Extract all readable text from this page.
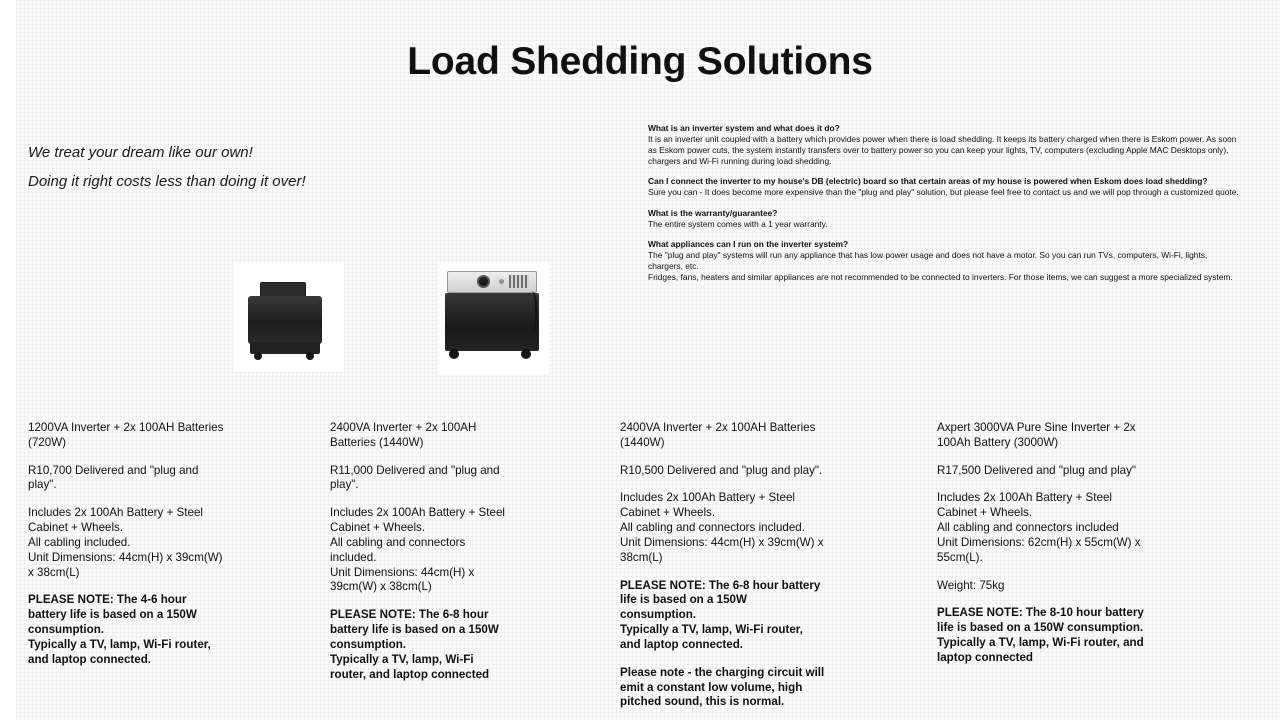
Load Shedding Solutions
We treat your dream like our own!
Doing it right costs less than doing it over!

What is an inverter system and what does it do?

It is an inverter unit coupled with a battery which provides power when there is load shedding. It keeps its battery charged when there is Eskom power. As soon as Eskom power cuts, the system instantly transfers over to battery power so you can keep your lights, TV, computers (excluding Apple MAC Desktops only), chargers and Wi-Fi running during load shedding.

Can I connect the inverter to my house's DB (electric) board so that certain areas of my house is powered when Eskom does load shedding?

Sure you can - It does become more expensive than the "plug and play" solution, but please feel free to contact us and we will pop through a customized quote.

What is the warranty/guarantee?

The entire system comes with a 1 year warranty.

What appliances can I run on the inverter system?

The "plug and play" systems will run any appliance that has low power usage and does not have a motor. So you can run TVs, computers, Wi-Fi, lights, chargers, etc.

Fridges, fans, heaters and similar appliances are not recommended to be connected to inverters. For those items, we can suggest a more specialized system.

1200VA Inverter + 2x 100AH Batteries (720W)

R10,700 Delivered and "plug and play".

Includes 2x 100Ah Battery + Steel Cabinet + Wheels.

All cabling included.

Unit Dimensions: 44cm(H) x 39cm(W) x 38cm(L)

PLEASE NOTE: The 4-6 hour battery life is based on a 150W consumption.

Typically a TV, lamp, Wi-Fi router, and laptop connected.

2400VA Inverter + 2x 100AH Batteries (1440W)

R11,000 Delivered and "plug and play".

Includes 2x 100Ah Battery + Steel Cabinet + Wheels.

All cabling and connectors included.

Unit Dimensions: 44cm(H) x 39cm(W) x 38cm(L)

PLEASE NOTE: The 6-8 hour battery life is based on a 150W consumption.

Typically a TV, lamp, Wi-Fi router, and laptop connected

2400VA Inverter + 2x 100AH Batteries (1440W)

R10,500 Delivered and "plug and play".

Includes 2x 100Ah Battery + Steel Cabinet + Wheels.

All cabling and connectors included.

Unit Dimensions: 44cm(H) x 39cm(W) x 38cm(L)

PLEASE NOTE: The 6-8 hour battery life is based on a 150W consumption.

Typically a TV, lamp, Wi-Fi router, and laptop connected.

Please note - the charging circuit will emit a constant low volume, high pitched sound, this is normal.

Axpert 3000VA Pure Sine Inverter + 2x 100Ah Battery (3000W)

R17,500 Delivered and "plug and play"

Includes 2x 100Ah Battery + Steel Cabinet + Wheels.

All cabling and connectors included

Unit Dimensions: 62cm(H) x 55cm(W) x 55cm(L).

Weight: 75kg

PLEASE NOTE: The 8-10 hour battery life is based on a 150W consumption.

Typically a TV, lamp, Wi-Fi router, and laptop connected
